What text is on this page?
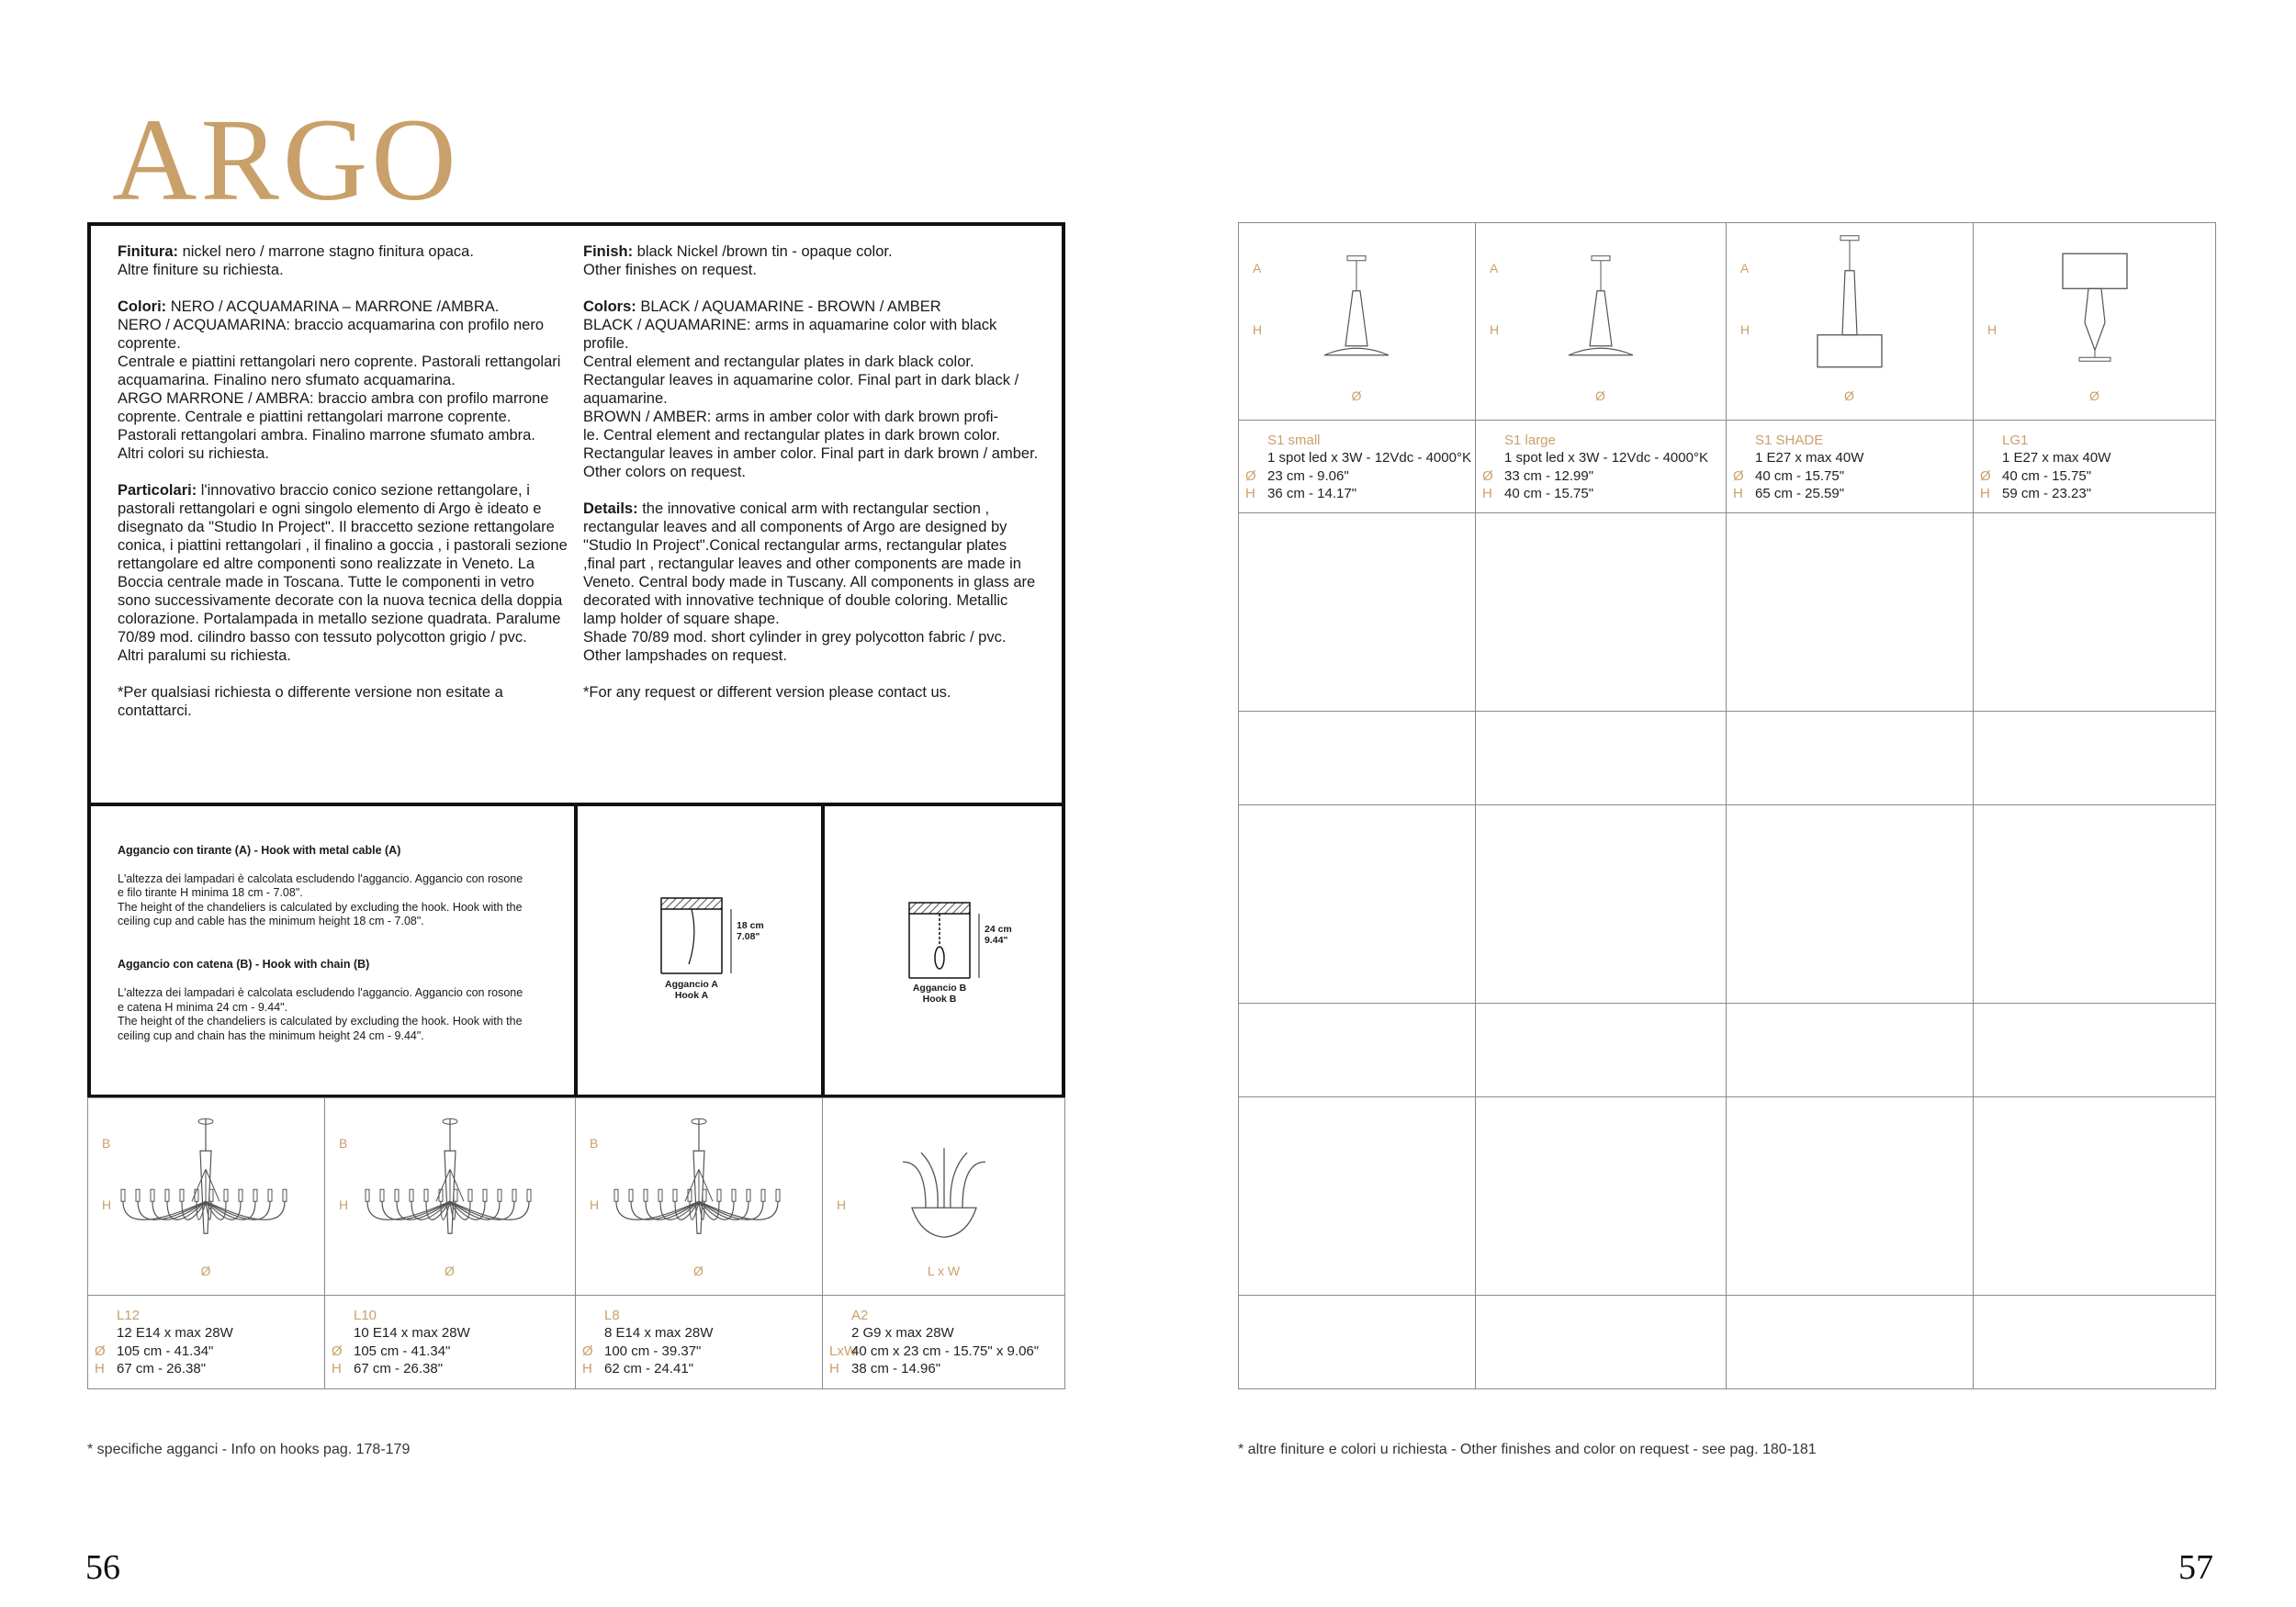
ARGO
Finitura: nickel nero / marrone stagno finitura opaca.
Altre finiture su richiesta.
Colori: NERO / ACQUAMARINA – MARRONE /AMBRA.
NERO / ACQUAMARINA: braccio acquamarina con profilo nero coprente.
Centrale e piattini rettangolari nero coprente. Pastorali rettangolari acquamarina. Finalino nero sfumato acquamarina.
ARGO MARRONE / AMBRA: braccio ambra con profilo marrone coprente. Centrale e piattini rettangolari marrone coprente. Pastorali rettangolari ambra. Finalino marrone sfumato ambra.
Altri colori su richiesta.
Particolari: l'innovativo braccio conico sezione rettangolare, i pastorali rettangolari e ogni singolo elemento di Argo è ideato e disegnato da "Studio In Project". Il braccetto sezione rettangolare conica, i piattini rettangolari , il finalino a goccia , i pastorali sezione rettangolare ed altre componenti sono realizzate in Veneto. La Boccia centrale made in Toscana. Tutte le componenti in vetro sono successivamente decorate con la nuova tecnica della doppia colorazione. Portalampada in metallo sezione quadrata. Paralume 70/89 mod. cilindro basso con tessuto polycotton grigio / pvc.
Altri paralumi su richiesta.
*Per qualsiasi richiesta o differente versione non esitate a contattarci.
Finish: black Nickel /brown tin - opaque color.
Other finishes on request.
Colors: BLACK / AQUAMARINE - BROWN / AMBER
BLACK / AQUAMARINE: arms in aquamarine color with black profile.
Central element and rectangular plates in dark black color. Rectangular leaves in aquamarine color. Final part in dark black / aquamarine.
BROWN / AMBER: arms in amber color with dark brown profi-
le. Central element and rectangular plates in dark brown color. Rectangular leaves in amber color. Final part in dark brown / amber.
Other colors on request.
Details: the innovative conical arm with rectangular section , rectangular leaves and all components of Argo are designed by "Studio In Project".Conical rectangular arms, rectangular plates ,final part , rectangular leaves and other components are made in Veneto. Central body made in Tuscany. All components in glass are decorated with innovative technique of double coloring. Metallic lamp holder of square shape.
Shade 70/89 mod. short cylinder in grey polycotton fabric / pvc.
Other lampshades on request.
*For any request or different version please contact us.

Aggancio con tirante (A) - Hook with metal cable (A)

L'altezza dei lampadari è calcolata escludendo l'aggancio. Aggancio con rosone
e filo tirante H minima 18 cm - 7.08".
The height of the chandeliers is calculated by excluding the hook. Hook with the
ceiling cup and cable has the minimum height 18 cm - 7.08".

Aggancio con catena (B) - Hook with chain (B)

L'altezza dei lampadari è calcolata escludendo l'aggancio. Aggancio con rosone
e catena H minima 24 cm - 9.44".
The height of the chandeliers is calculated by excluding the hook. Hook with the
ceiling cup and chain has the minimum height 24 cm - 9.44".

18 cm
7.08"
Aggancio A
Hook A
24 cm
9.44"
Aggancio B
Hook B
B
H
Ø
L12
12 E14 x max 28W
Ø 105 cm - 41.34"
H 67 cm - 26.38"
B
H
Ø
L10
10 E14 x max 28W
Ø 105 cm - 41.34"
H 67 cm - 26.38"
B
H
Ø
L8
8 E14 x max 28W
Ø 100 cm - 39.37"
H 62 cm - 24.41"
H
L x W
A2
2 G9 x max 28W
LxW40 cm x 23 cm - 15.75" x 9.06"
H 38 cm - 14.96"
A
H
Ø
S1 small
1 spot led x 3W - 12Vdc - 4000°K
Ø 23 cm - 9.06"
H 36 cm - 14.17"
A
H
Ø
S1 large
1 spot led x 3W - 12Vdc - 4000°K
Ø 33 cm - 12.99"
H 40 cm - 15.75"
A
H
Ø
S1 SHADE
1 E27 x max 40W
Ø 40 cm - 15.75"
H 65 cm - 25.59"
H
Ø
LG1
1 E27 x max 40W
Ø 40 cm - 15.75"
H 59 cm - 23.23"
* specifiche agganci - Info on hooks pag. 178-179	* altre finiture e colori u richiesta - Other finishes and color on request - see pag. 180-181
56	57
